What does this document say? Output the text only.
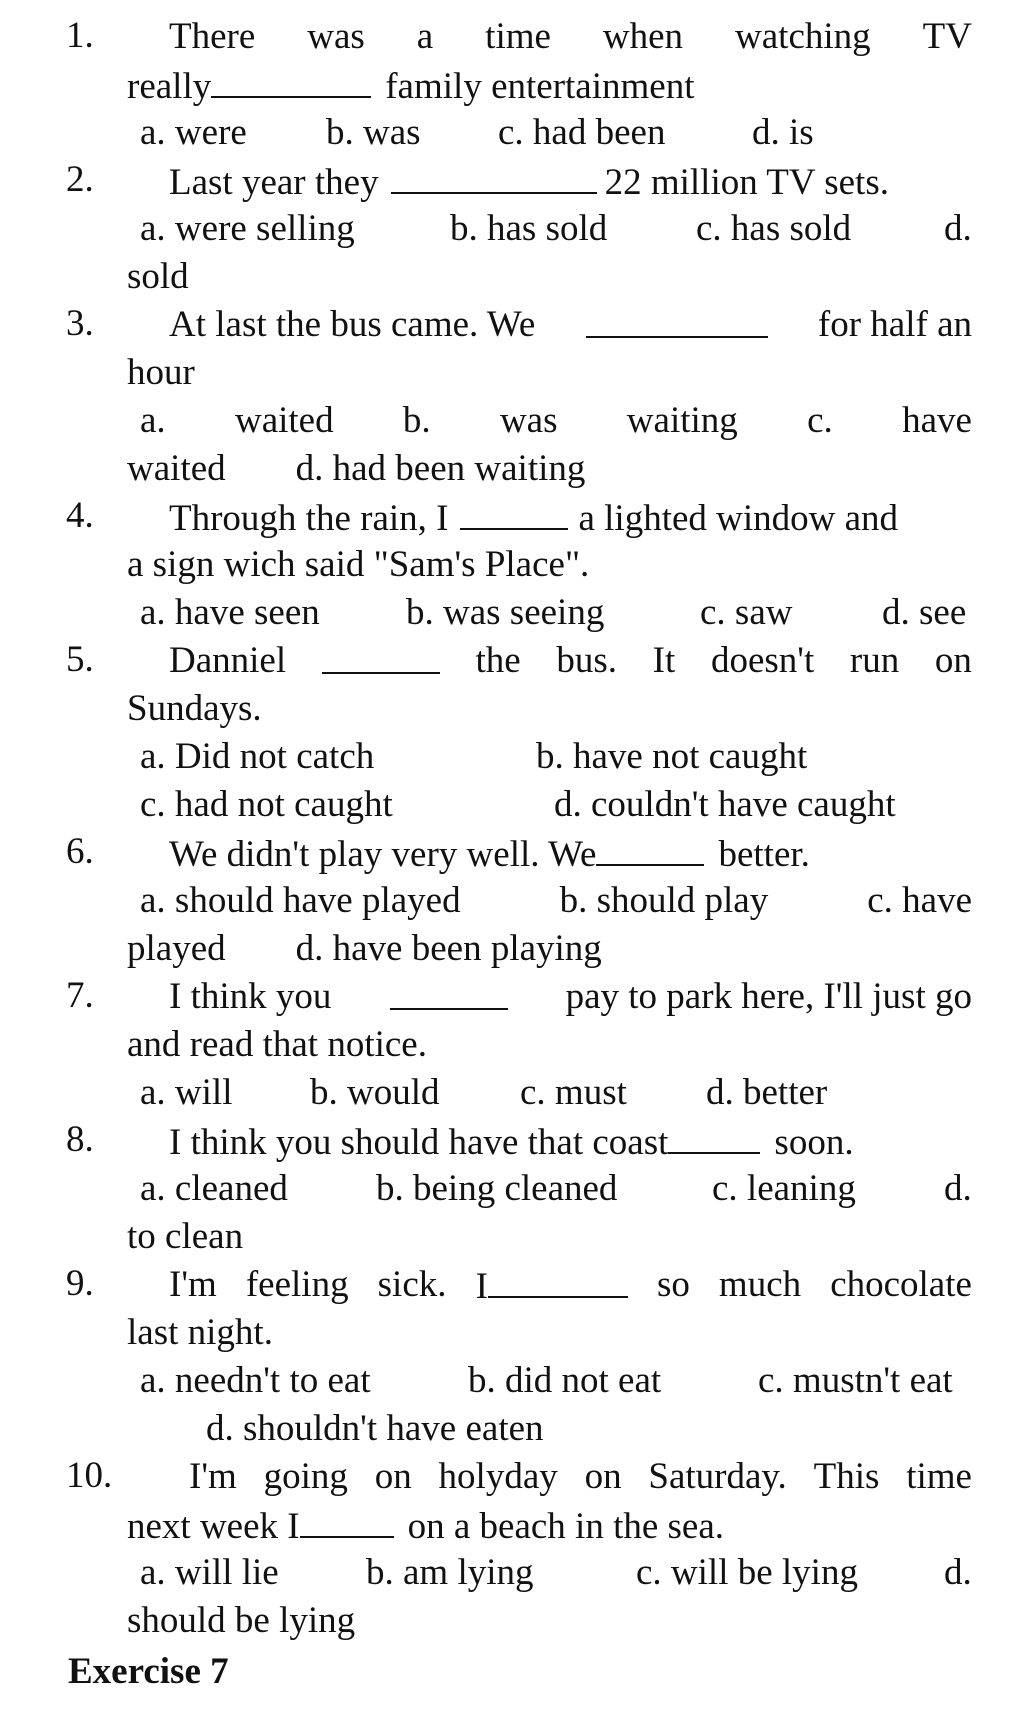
1. There was a time when watching TV
really	family entertainment
a. were b. was c. had been d. is
2. Last year they	22 million TV sets.
a. were selling	b. has sold c. has sold	d.
sold
3. At last the bus came. We	for half an
hour
a. waited b. was waiting c. have
waited d. had been waiting
4. Through the rain, I	a lighted window and
a sign wich said "Sam's Place".
a. have seen b. was seeing	c. saw d. see
5. Danniel	the bus. It doesn't run on
Sundays.
a. Did not catch	b. have not caught
c. had not caught	d. couldn't have caught
6. We didn't play very well. We	better.
a. should have played	b. should play	c. have
played d. have been playing
7. I think you	pay to park here, I'll just go
and read that notice.
a. will b. would c. must d. better
8. I think you should have that coast	soon.
a. cleaned b. being cleaned	c. leaning d.
to clean
9. I'm feeling sick. I	so much chocolate
last night.
a. needn't to eat	b. did not eat	c. mustn't eat
d. shouldn't have eaten
10. I'm going on holyday on Saturday. This time
next week I	on a beach in the sea.
a. will lie b. am lying	c. will be lying d.
should be lying
Exercise 7
